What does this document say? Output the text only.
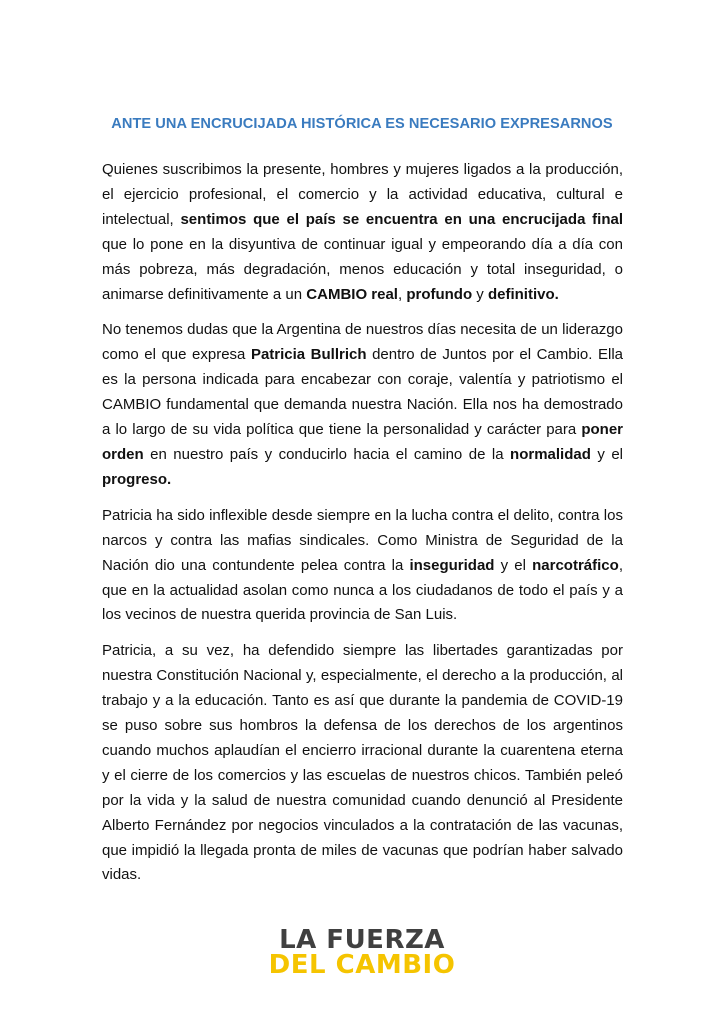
ANTE UNA ENCRUCIJADA HISTÓRICA ES NECESARIO EXPRESARNOS

Quienes suscribimos la presente, hombres y mujeres ligados a la producción, el ejercicio profesional, el comercio y la actividad educativa, cultural e intelectual, sentimos que el país se encuentra en una encrucijada final que lo pone en la disyuntiva de continuar igual y empeorando día a día con más pobreza, más degradación, menos educación y total inseguridad, o animarse definitivamente a un CAMBIO real, profundo y definitivo.

No tenemos dudas que la Argentina de nuestros días necesita de un liderazgo como el que expresa Patricia Bullrich dentro de Juntos por el Cambio. Ella es la persona indicada para encabezar con coraje, valentía y patriotismo el CAMBIO fundamental que demanda nuestra Nación. Ella nos ha demostrado a lo largo de su vida política que tiene la personalidad y carácter para poner orden en nuestro país y conducirlo hacia el camino de la normalidad y el progreso.

Patricia ha sido inflexible desde siempre en la lucha contra el delito, contra los narcos y contra las mafias sindicales. Como Ministra de Seguridad de la Nación dio una contundente pelea contra la inseguridad y el narcotráfico, que en la actualidad asolan como nunca a los ciudadanos de todo el país y a los vecinos de nuestra querida provincia de San Luis.

Patricia, a su vez, ha defendido siempre las libertades garantizadas por nuestra Constitución Nacional y, especialmente, el derecho a la producción, al trabajo y a la educación. Tanto es así que durante la pandemia de COVID-19 se puso sobre sus hombros la defensa de los derechos de los argentinos cuando muchos aplaudían el encierro irracional durante la cuarentena eterna y el cierre de los comercios y las escuelas de nuestros chicos. También peleó por la vida y la salud de nuestra comunidad cuando denunció al Presidente Alberto Fernández por negocios vinculados a la contratación de las vacunas, que impidió la llegada pronta de miles de vacunas que podrían haber salvado vidas.

LA FUERZA
DEL CAMBIO
